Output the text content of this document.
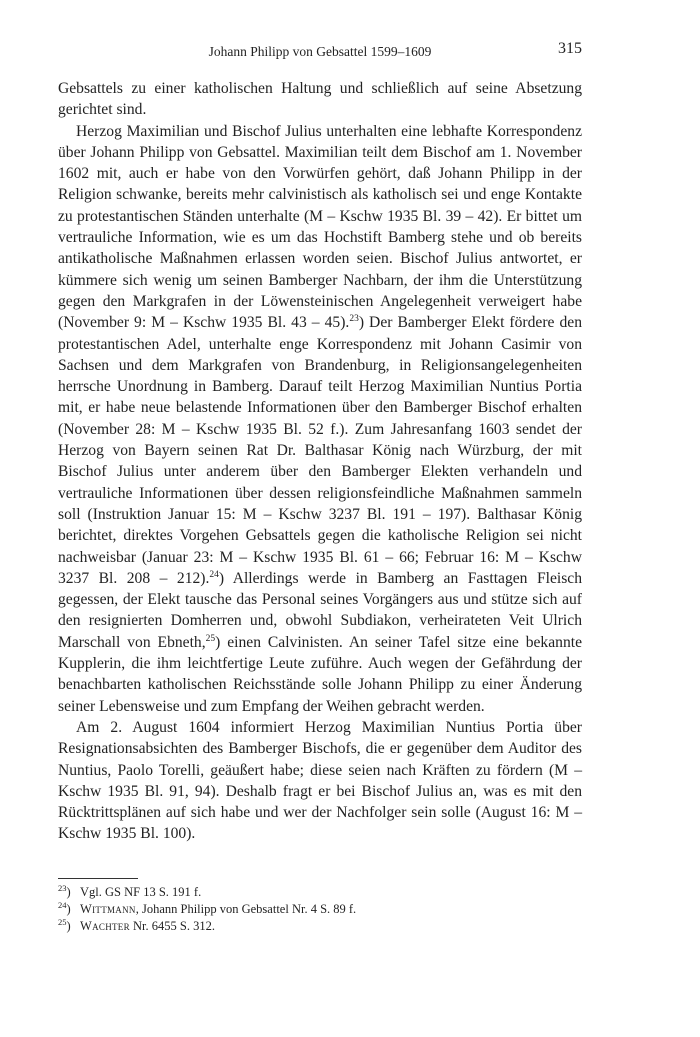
Johann Philipp von Gebsattel 1599–1609	315

Gebsattels zu einer katholischen Haltung und schließlich auf seine Absetzung gerichtet sind.

Herzog Maximilian und Bischof Julius unterhalten eine lebhafte Korrespondenz über Johann Philipp von Gebsattel. Maximilian teilt dem Bischof am 1. November 1602 mit, auch er habe von den Vorwürfen gehört, daß Johann Philipp in der Religion schwanke, bereits mehr calvinistisch als katholisch sei und enge Kontakte zu protestantischen Ständen unterhalte (M – Kschw 1935 Bl. 39 – 42). Er bittet um vertrauliche Information, wie es um das Hochstift Bamberg stehe und ob bereits antikatholische Maßnahmen erlassen worden seien. Bischof Julius antwortet, er kümmere sich wenig um seinen Bamberger Nachbarn, der ihm die Unterstützung gegen den Markgrafen in der Löwensteinischen Angelegenheit verweigert habe (November 9: M – Kschw 1935 Bl. 43 – 45).$^{23}$) Der Bamberger Elekt fördere den protestantischen Adel, unterhalte enge Korrespondenz mit Johann Casimir von Sachsen und dem Markgrafen von Brandenburg, in Religionsangelegenheiten herrsche Unordnung in Bamberg. Darauf teilt Herzog Maximilian Nuntius Portia mit, er habe neue belastende Informationen über den Bamberger Bischof erhalten (November 28: M – Kschw 1935 Bl. 52 f.). Zum Jahresanfang 1603 sendet der Herzog von Bayern seinen Rat Dr. Balthasar König nach Würzburg, der mit Bischof Julius unter anderem über den Bamberger Elekten verhandeln und vertrauliche Informationen über dessen religionsfeindliche Maßnahmen sammeln soll (Instruktion Januar 15: M – Kschw 3237 Bl. 191 – 197). Balthasar König berichtet, direktes Vorgehen Gebsattels gegen die katholische Religion sei nicht nachweisbar (Januar 23: M – Kschw 1935 Bl. 61 – 66; Februar 16: M – Kschw 3237 Bl. 208 – 212).$^{24}$) Allerdings werde in Bamberg an Fasttagen Fleisch gegessen, der Elekt tausche das Personal seines Vorgängers aus und stütze sich auf den resignierten Domherren und, obwohl Subdiakon, verheirateten Veit Ulrich Marschall von Ebneth,$^{25}$) einen Calvinisten. An seiner Tafel sitze eine bekannte Kupplerin, die ihm leichtfertige Leute zuführe. Auch wegen der Gefährdung der benachbarten katholischen Reichsstände solle Johann Philipp zu einer Änderung seiner Lebensweise und zum Empfang der Weihen gebracht werden.

Am 2. August 1604 informiert Herzog Maximilian Nuntius Portia über Resignationsabsichten des Bamberger Bischofs, die er gegenüber dem Auditor des Nuntius, Paolo Torelli, geäußert habe; diese seien nach Kräften zu fördern (M – Kschw 1935 Bl. 91, 94). Deshalb fragt er bei Bischof Julius an, was es mit den Rücktrittsplänen auf sich habe und wer der Nachfolger sein solle (August 16: M – Kschw 1935 Bl. 100).

$^{23}$) Vgl. GS NF 13 S. 191 f.
$^{24}$) Wittmann, Johann Philipp von Gebsattel Nr. 4 S. 89 f.
$^{25}$) Wachter Nr. 6455 S. 312.
